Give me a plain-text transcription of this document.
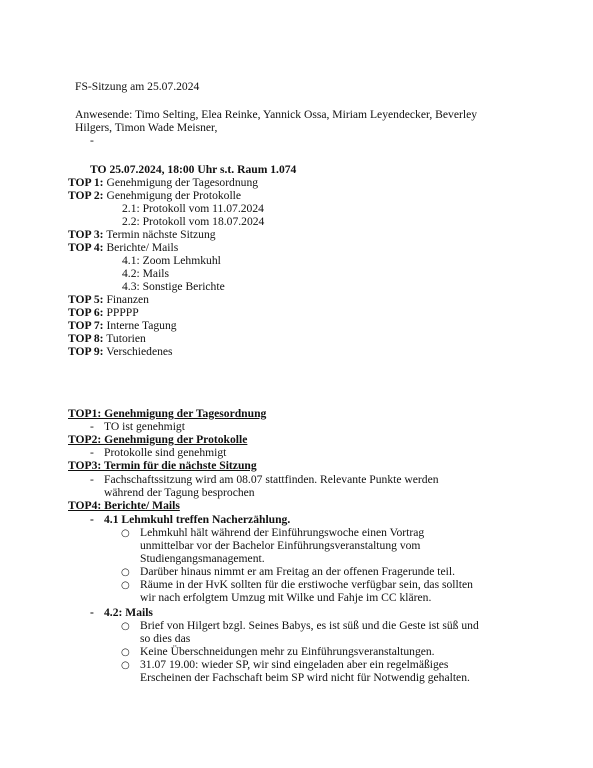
FS-Sitzung am 25.07.2024
Anwesende: Timo Selting, Elea Reinke, Yannick Ossa, Miriam Leyendecker, Beverley
Hilgers, Timon Wade Meisner,
-
TO 25.07.2024, 18:00 Uhr s.t. Raum 1.074
TOP 1: Genehmigung der Tagesordnung
TOP 2: Genehmigung der Protokolle
2.1: Protokoll vom 11.07.2024
2.2: Protokoll vom 18.07.2024
TOP 3: Termin nächste Sitzung
TOP 4: Berichte/ Mails
4.1: Zoom Lehmkuhl
4.2: Mails
4.3: Sonstige Berichte
TOP 5: Finanzen
TOP 6: PPPPP
TOP 7: Interne Tagung
TOP 8: Tutorien
TOP 9: Verschiedenes
TOP1: Genehmigung der Tagesordnung
- TO ist genehmigt
TOP2: Genehmigung der Protokolle
- Protokolle sind genehmigt
TOP3: Termin für die nächste Sitzung
- Fachschaftssitzung wird am 08.07 stattfinden. Relevante Punkte werden
während der Tagung besprochen
TOP4: Berichte/ Mails
- 4.1 Lehmkuhl treffen Nacherzählung.
○ Lehmkuhl hält während der Einführungswoche einen Vortrag
unmittelbar vor der Bachelor Einführungsveranstaltung vom
Studiengangsmanagement.
○ Darüber hinaus nimmt er am Freitag an der offenen Fragerunde teil.
○ Räume in der HvK sollten für die erstiwoche verfügbar sein, das sollten
wir nach erfolgtem Umzug mit Wilke und Fahje im CC klären.
- 4.2: Mails
○ Brief von Hilgert bzgl. Seines Babys, es ist süß und die Geste ist süß und
so dies das
○ Keine Überschneidungen mehr zu Einführungsveranstaltungen.
○ 31.07 19.00: wieder SP, wir sind eingeladen aber ein regelmäßiges
Erscheinen der Fachschaft beim SP wird nicht für Notwendig gehalten.
